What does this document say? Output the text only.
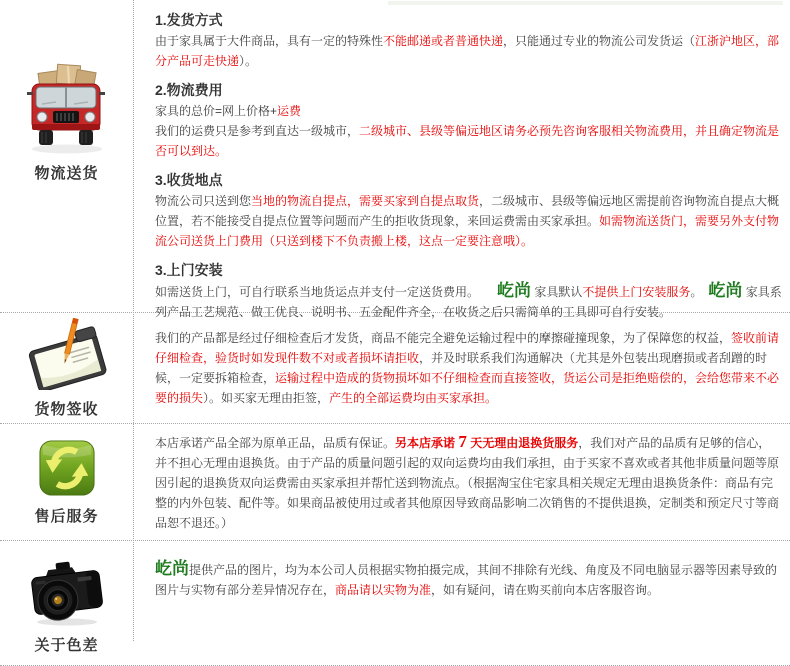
物流送货
1.发货方式

由于家具属于大件商品，具有一定的特殊性不能邮递或者普通快递，只能通过专业的物流公司发货运（江浙沪地区，部分产品可走快递）。

2.物流费用

家具的总价=网上价格+运费

我们的运费只是参考到直达一级城市，二级城市、县级等偏远地区请务必预先咨询客服相关物流费用，并且确定物流是否可以到达。

3.收货地点

物流公司只送到您当地的物流自提点，需要买家到自提点取货，二级城市、县级等偏远地区需提前咨询物流自提点大概位置，若不能接受自提点位置等问题而产生的拒收货现象，来回运费需由买家承担。如需物流送货门，需要另外支付物流公司送货上门费用（只送到楼下不负责搬上楼，这点一定要注意哦）。

3.上门安装

如需送货上门，可自行联系当地货运点并支付一定送货费用。　　屹尚 家具默认不提供上门安装服务。　屹尚 家具系列产品工艺规范、做工优良、说明书、五金配件齐全，在收货之后只需简单的工具即可自行安装。

货物签收

我们的产品都是经过仔细检查后才发货，商品不能完全避免运输过程中的摩擦碰撞现象，为了保障您的权益，签收前请仔细检查，验货时如发现件数不对或者损坏请拒收，并及时联系我们沟通解决（尤其是外包装出现磨损或者刮蹭的时候，一定要拆箱检查，运输过程中造成的货物损坏如不仔细检查而直接签收，货运公司是拒绝赔偿的，会给您带来不必要的损失）。如买家无理由拒签，产生的全部运费均由买家承担。

售后服务

本店承诺产品全部为原单正品，品质有保证。另本店承诺 7 天无理由退换货服务，我们对产品的品质有足够的信心，并不担心无理由退换货。由于产品的质量问题引起的双向运费均由我们承担，由于买家不喜欢或者其他非质量问题等原因引起的退换货双向运费需由买家承担并帮忙送到物流点。（根据淘宝住宅家具相关规定无理由退换货条件：商品有完整的内外包装、配件等。如果商品被使用过或者其他原因导致商品影响二次销售的不提供退换，定制类和预定尺寸等商品恕不退还。）

关于色差

屹尚提供产品的图片，均为本公司人员根据实物拍摄完成，其间不排除有光线、角度及不同电脑显示器等因素导致的图片与实物有部分差异情况存在，商品请以实物为准，如有疑问，请在购买前向本店客服咨询。
